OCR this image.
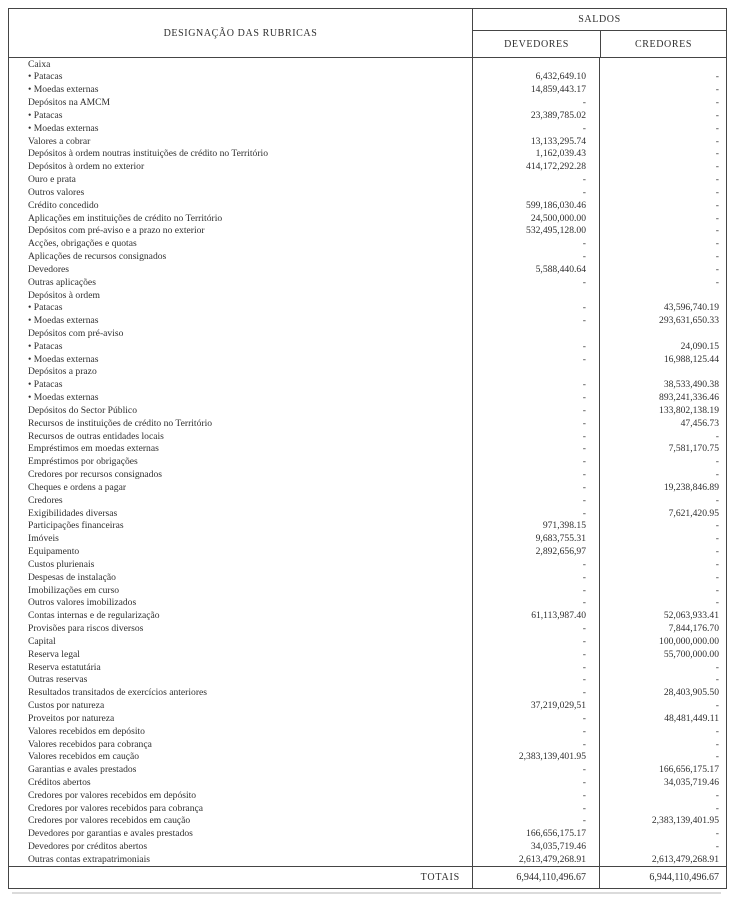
DESIGNAÇÃO DAS RUBRICAS
SALDOS
DEVEDORES	CREDORES
Caixa
• Patacas	6,432,649.10	-
• Moedas externas	14,859,443.17	-
Depósitos na AMCM	-	-
• Patacas	23,389,785.02	-
• Moedas externas	-	-
Valores a cobrar	13,133,295.74	-
Depósitos à ordem noutras instituições de crédito no Território	1,162,039.43	-
Depósitos à ordem no exterior	414,172,292.28	-
Ouro e prata	-	-
Outros valores	-	-
Crédito concedido	599,186,030.46	-
Aplicações em instituições de crédito no Território	24,500,000.00	-
Depósitos com pré-aviso e a prazo no exterior	532,495,128.00	-
Acções, obrigações e quotas	-	-
Aplicações de recursos consignados	-	-
Devedores	5,588,440.64	-
Outras aplicações	-	-
Depósitos à ordem
• Patacas	-	43,596,740.19
• Moedas externas	-	293,631,650.33
Depósitos com pré-aviso
• Patacas	-	24,090.15
• Moedas externas	-	16,988,125.44
Depósitos a prazo
• Patacas	-	38,533,490.38
• Moedas externas	-	893,241,336.46
Depósitos do Sector Público	-	133,802,138.19
Recursos de instituições de crédito no Território	-	47,456.73
Recursos de outras entidades locais	-	-
Empréstimos em moedas externas	-	7,581,170.75
Empréstimos por obrigações	-	-
Credores por recursos consignados	-	-
Cheques e ordens a pagar	-	19,238,846.89
Credores	-	-
Exigibilidades diversas	-	7,621,420.95
Participações financeiras	971,398.15	-
Imóveis	9,683,755.31	-
Equipamento	2,892,656,97	-
Custos plurienais	-	-
Despesas de instalação	-	-
Imobilizações em curso	-	-
Outros valores imobilizados	-	-
Contas internas e de regularização	61,113,987.40	52,063,933.41
Provisões para riscos diversos	-	7,844,176.70
Capital	-	100,000,000.00
Reserva legal	-	55,700,000.00
Reserva estatutária	-	-
Outras reservas	-	-
Resultados transitados de exercícios anteriores	-	28,403,905.50
Custos por natureza	37,219,029,51	-
Proveitos por natureza	-	48,481,449.11
Valores recebidos em depósito	-	-
Valores recebidos para cobrança	-	-
Valores recebidos em caução	2,383,139,401.95	-
Garantias e avales prestados	-	166,656,175.17
Créditos abertos	-	34,035,719.46
Credores por valores recebidos em depósito	-	-
Credores por valores recebidos para cobrança	-	-
Credores por valores recebidos em caução	-	2,383,139,401.95
Devedores por garantias e avales prestados	166,656,175.17	-
Devedores por créditos abertos	34,035,719.46	-
Outras contas extrapatrimoniais	2,613,479,268.91	2,613,479,268.91
TOTAIS	6,944,110,496.67	6,944,110,496.67
